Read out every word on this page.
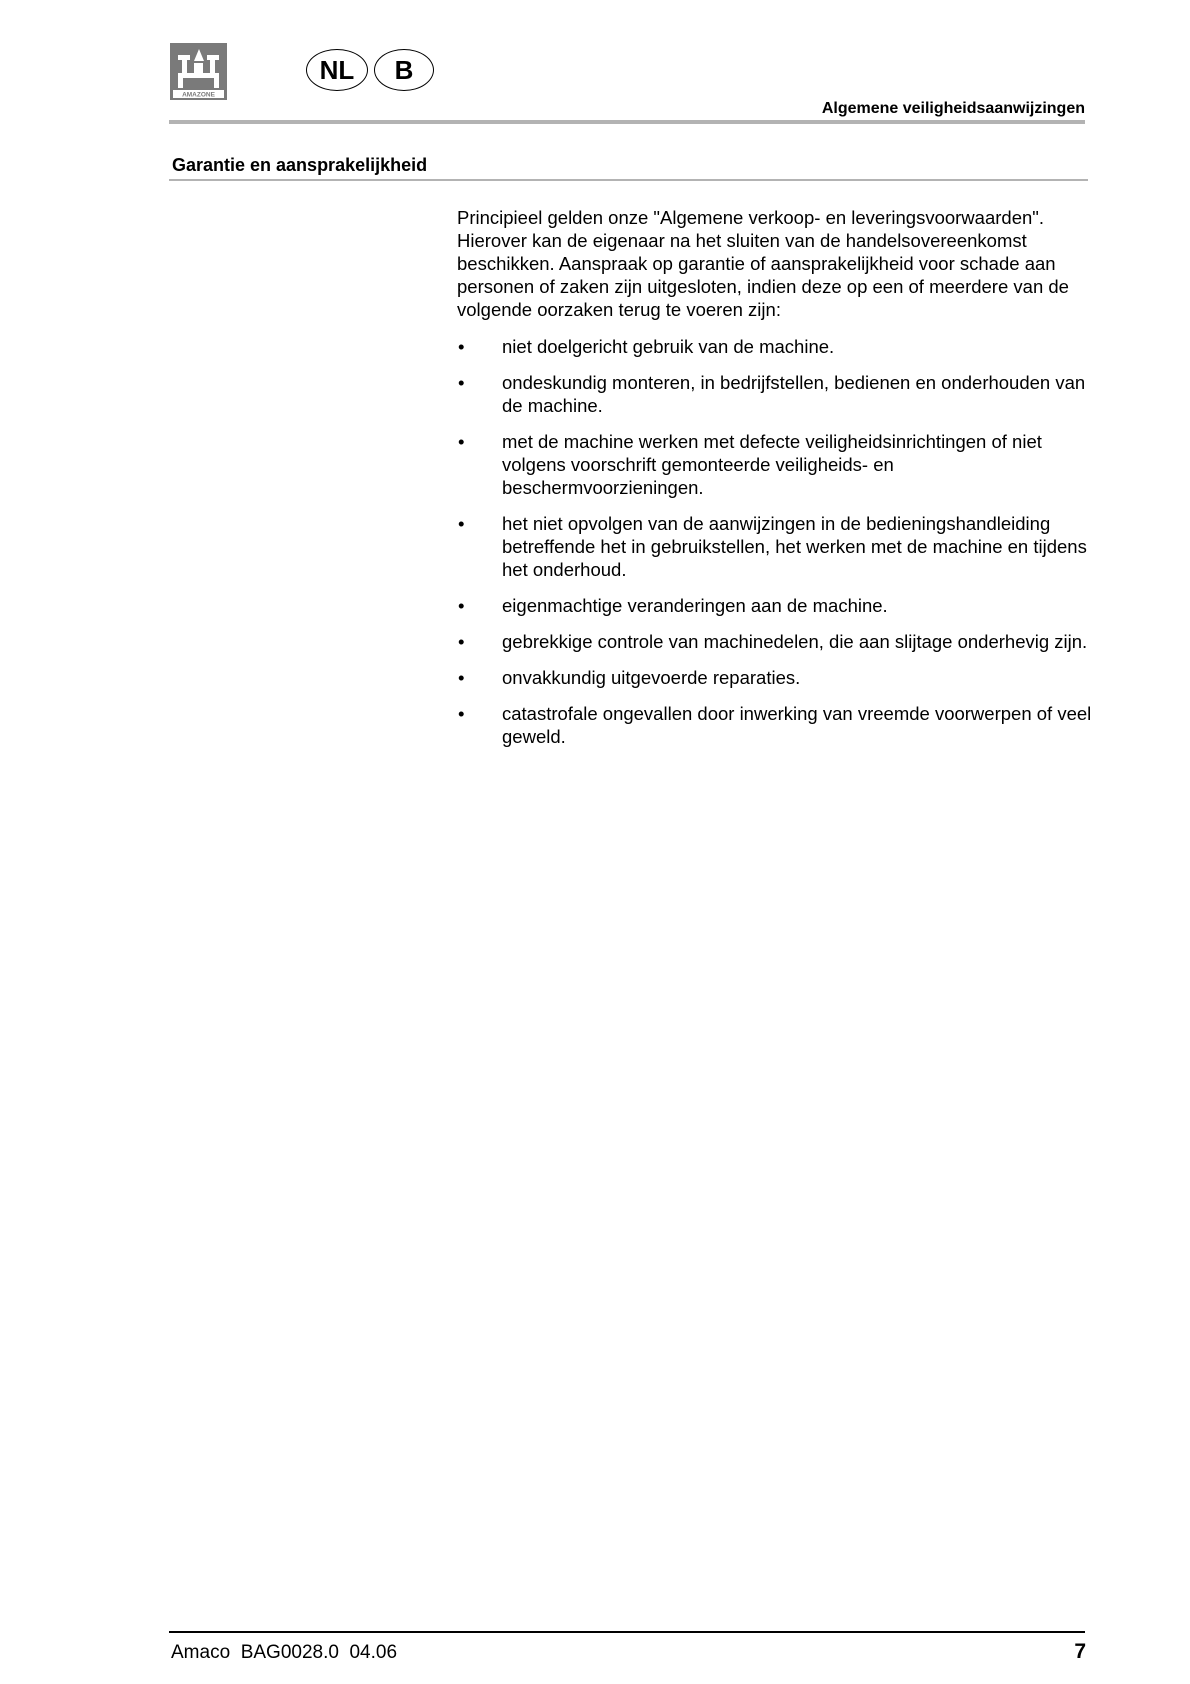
AMAZONE
NL	B
Algemene veiligheidsaanwijzingen
Garantie en aansprakelijkheid

Principieel gelden onze "Algemene verkoop- en leveringsvoorwaarden". Hierover kan de eigenaar na het sluiten van de handelsovereenkomst beschikken. Aanspraak op garantie of aansprakelijkheid voor schade aan personen of zaken zijn uitgesloten, indien deze op een of meerdere van de volgende oorzaken terug te voeren zijn:

• niet doelgericht gebruik van de machine.
• ondeskundig monteren, in bedrijfstellen, bedienen en onderhouden van de machine.
• met de machine werken met defecte veiligheidsinrichtingen of niet volgens voorschrift gemonteerde veiligheids- en beschermvoorzieningen.
• het niet opvolgen van de aanwijzingen in de bedieningshandleiding betreffende het in gebruikstellen, het werken met de machine en tijdens het onderhoud.
• eigenmachtige veranderingen aan de machine.
• gebrekkige controle van machinedelen, die aan slijtage onderhevig zijn.
• onvakkundig uitgevoerde reparaties.
• catastrofale ongevallen door inwerking van vreemde voorwerpen of veel geweld.
Amaco  BAG0028.0  04.06	7
